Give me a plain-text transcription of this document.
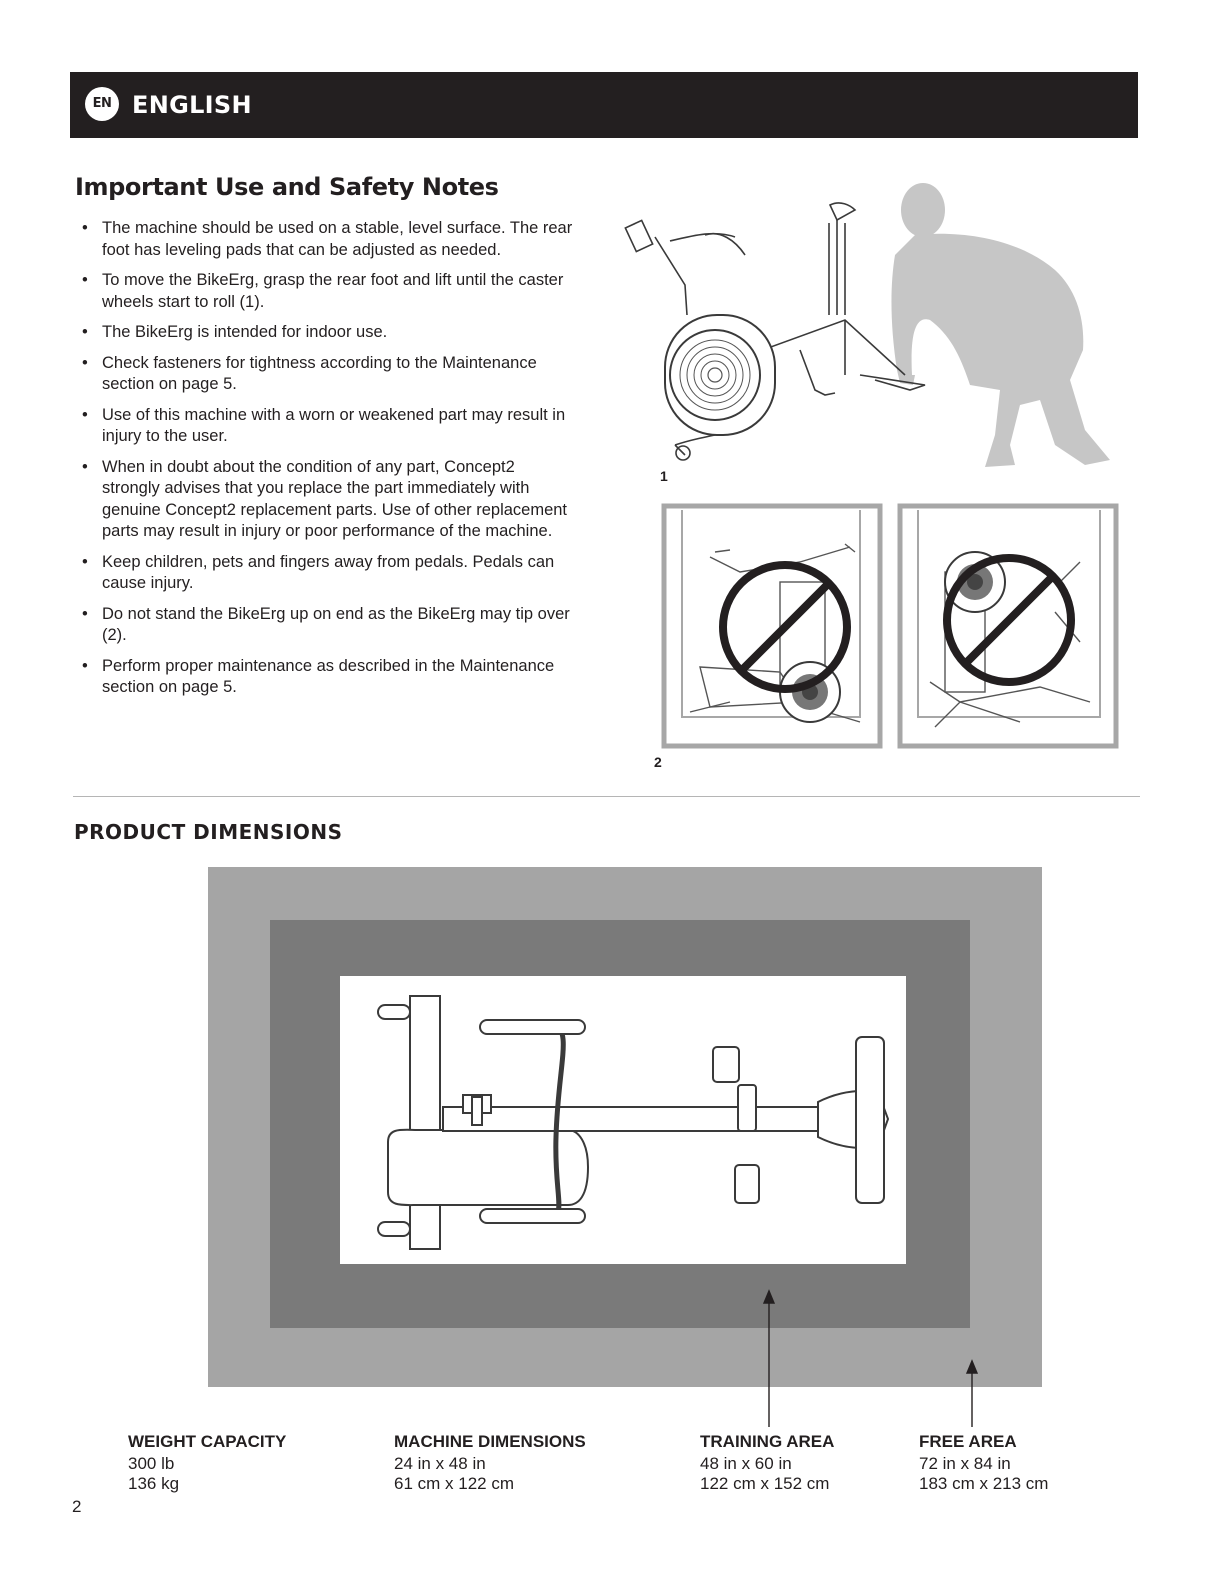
EN ENGLISH
Important Use and Safety Notes
• The machine should be used on a stable, level surface. The rear foot has leveling pads that can be adjusted as needed.
• To move the BikeErg, grasp the rear foot and lift until the caster wheels start to roll (1).
• The BikeErg is intended for indoor use.
• Check fasteners for tightness according to the Maintenance section on page 5.
• Use of this machine with a worn or weakened part may result in injury to the user.
• When in doubt about the condition of any part, Concept2 strongly advises that you replace the part immediately with genuine Concept2 replacement parts. Use of other replacement parts may result in injury or poor performance of the machine.
• Keep children, pets and fingers away from pedals. Pedals can cause injury.
• Do not stand the BikeErg up on end as the BikeErg may tip over (2).
• Perform proper maintenance as described in the Maintenance section on page 5.
1
2
PRODUCT DIMENSIONS
WEIGHT CAPACITY
300 lb
136 kg
MACHINE DIMENSIONS
24 in x 48 in
61 cm x 122 cm
TRAINING AREA
48 in x 60 in
122 cm x 152 cm
FREE AREA
72 in x 84 in
183 cm x 213 cm
2
